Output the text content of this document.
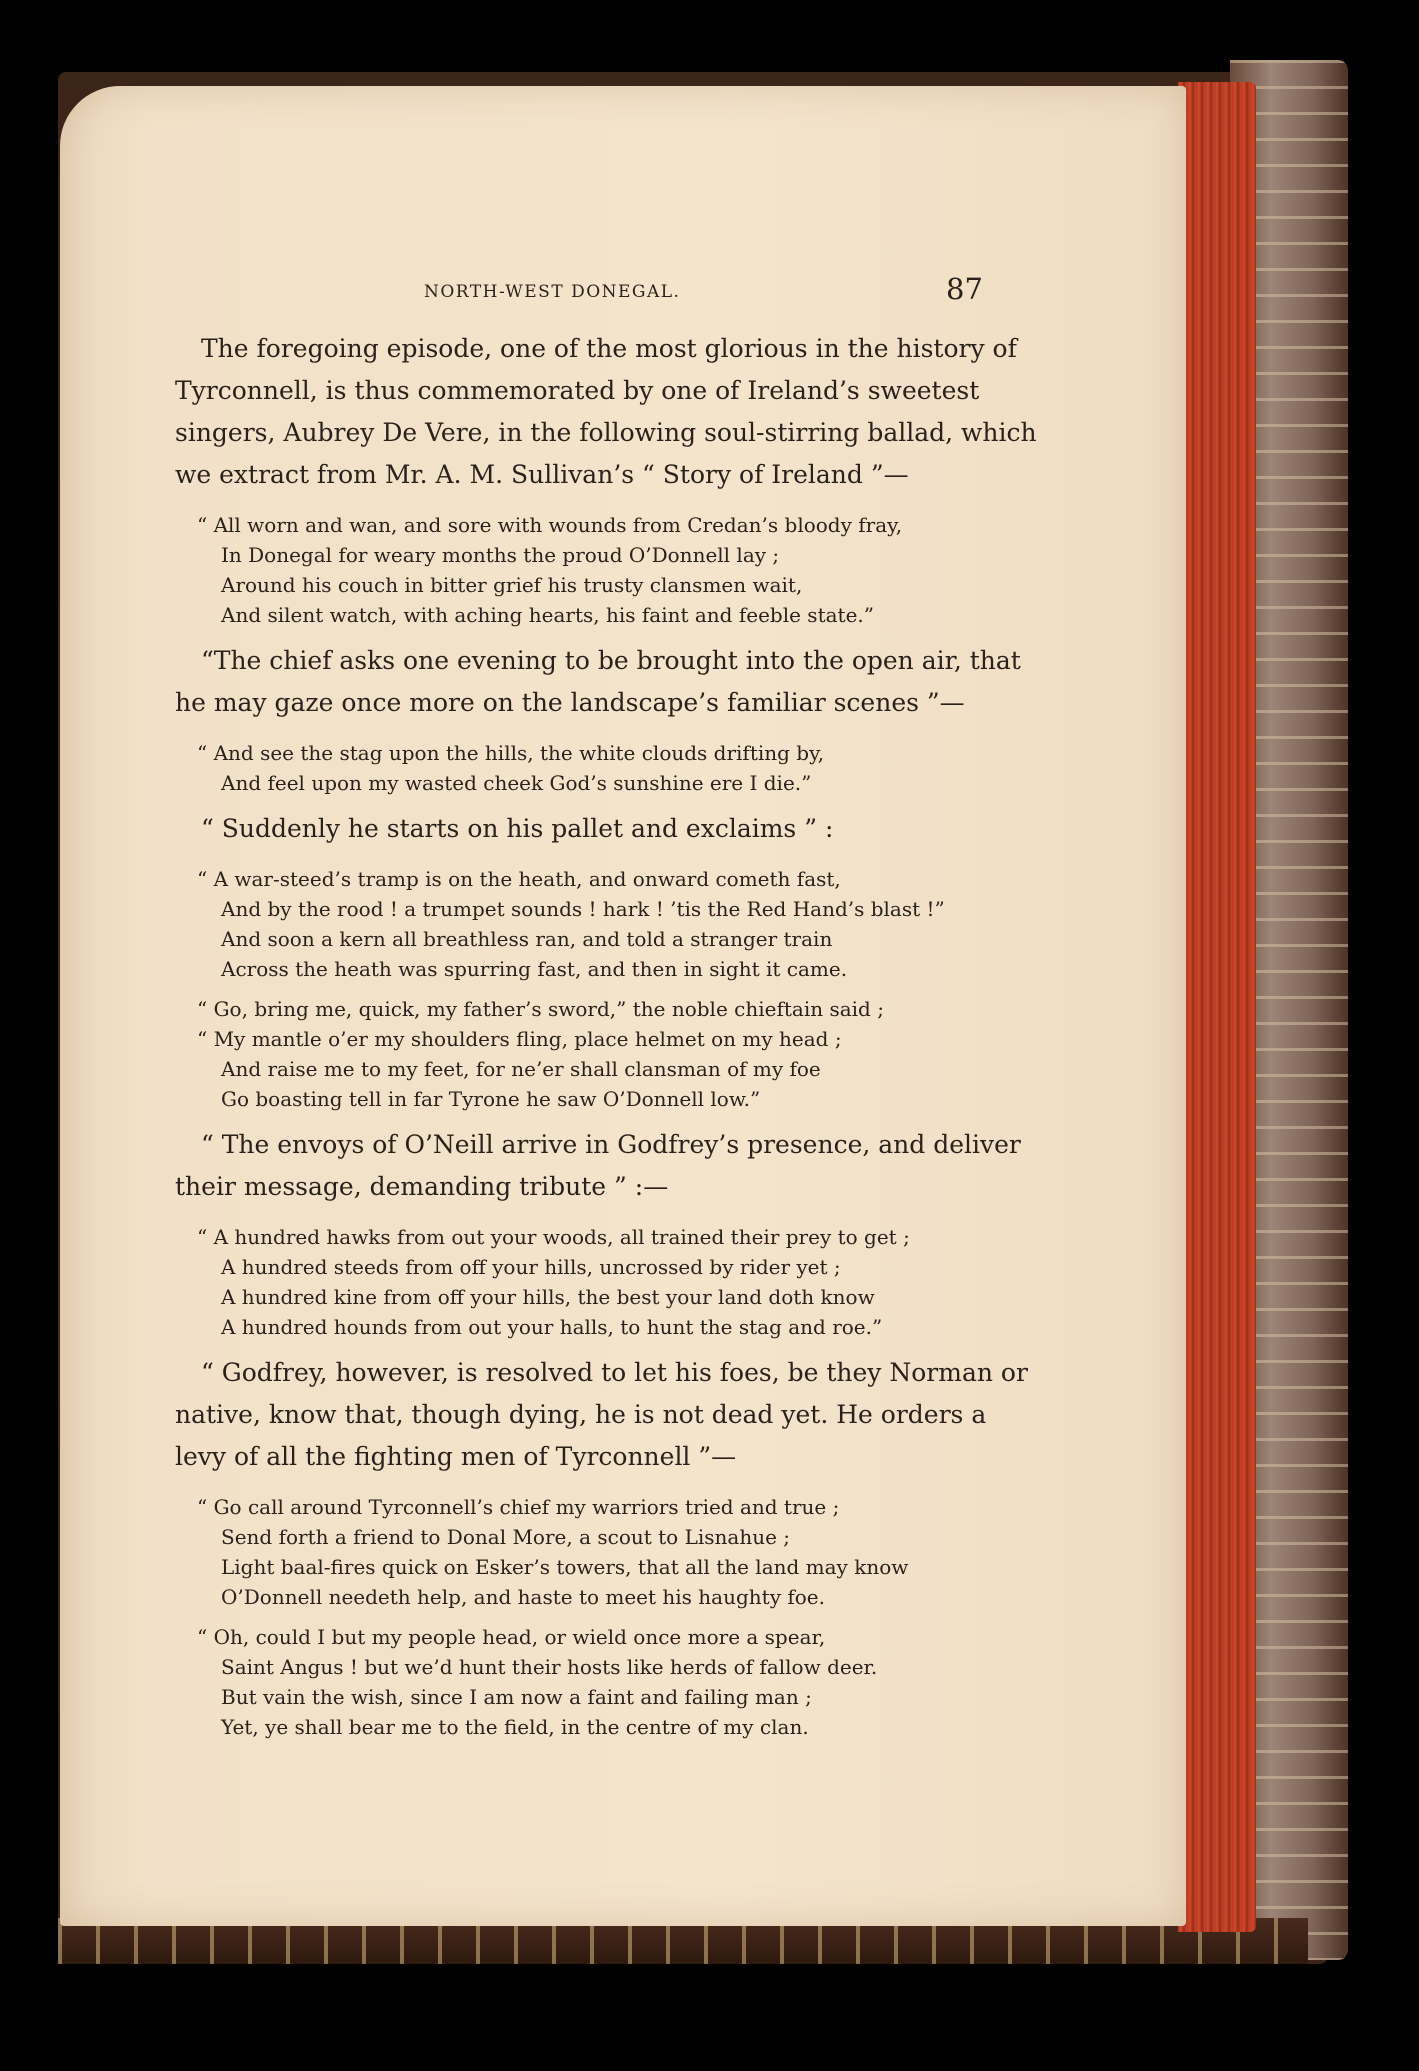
NORTH-WEST DONEGAL.	87

The foregoing episode, one of the most glorious in the history of
Tyrconnell, is thus commemorated by one of Ireland’s sweetest
singers, Aubrey De Vere, in the following soul-stirring ballad, which
we extract from Mr. A. M. Sullivan’s “ Story of Ireland ”—

“ All worn and wan, and sore with wounds from Credan’s bloody fray,
In Donegal for weary months the proud O’Donnell lay ;
Around his couch in bitter grief his trusty clansmen wait,
And silent watch, with aching hearts, his faint and feeble state.”

“The chief asks one evening to be brought into the open air, that
he may gaze once more on the landscape’s familiar scenes ”—

“ And see the stag upon the hills, the white clouds drifting by,
And feel upon my wasted cheek God’s sunshine ere I die.”

“ Suddenly he starts on his pallet and exclaims ” :

“ A war-steed’s tramp is on the heath, and onward cometh fast,
And by the rood ! a trumpet sounds ! hark ! ’tis the Red Hand’s blast !”
And soon a kern all breathless ran, and told a stranger train
Across the heath was spurring fast, and then in sight it came.
“ Go, bring me, quick, my father’s sword,” the noble chieftain said ;
“ My mantle o’er my shoulders fling, place helmet on my head ;
And raise me to my feet, for ne’er shall clansman of my foe
Go boasting tell in far Tyrone he saw O’Donnell low.”

“ The envoys of O’Neill arrive in Godfrey’s presence, and deliver
their message, demanding tribute ” :—

“ A hundred hawks from out your woods, all trained their prey to get ;
A hundred steeds from off your hills, uncrossed by rider yet ;
A hundred kine from off your hills, the best your land doth know
A hundred hounds from out your halls, to hunt the stag and roe.”

“ Godfrey, however, is resolved to let his foes, be they Norman or
native, know that, though dying, he is not dead yet. He orders a
levy of all the fighting men of Tyrconnell ”—

“ Go call around Tyrconnell’s chief my warriors tried and true ;
Send forth a friend to Donal More, a scout to Lisnahue ;
Light baal-fires quick on Esker’s towers, that all the land may know
O’Donnell needeth help, and haste to meet his haughty foe.
“ Oh, could I but my people head, or wield once more a spear,
Saint Angus ! but we’d hunt their hosts like herds of fallow deer.
But vain the wish, since I am now a faint and failing man ;
Yet, ye shall bear me to the field, in the centre of my clan.
